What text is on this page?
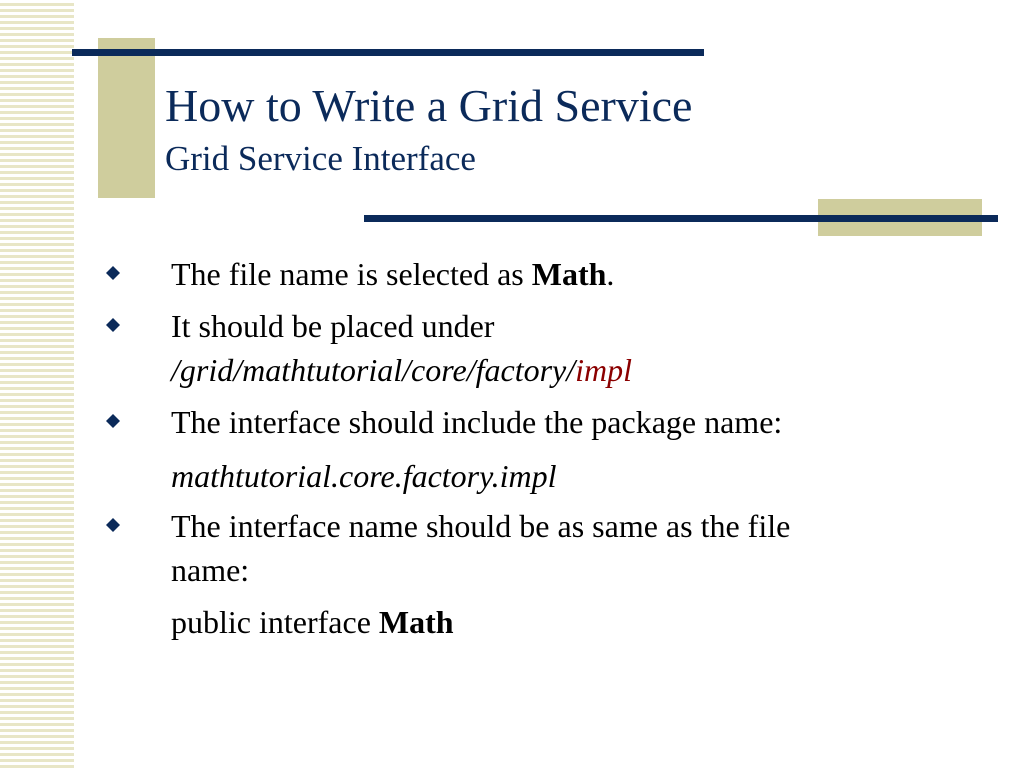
How to Write a Grid Service
Grid Service Interface
The file name is selected as Math.
It should be placed under
/grid/mathtutorial/core/factory/impl
The interface should include the package name:
mathtutorial.core.factory.impl
The interface name should be as same as the file
name:
public interface Math
